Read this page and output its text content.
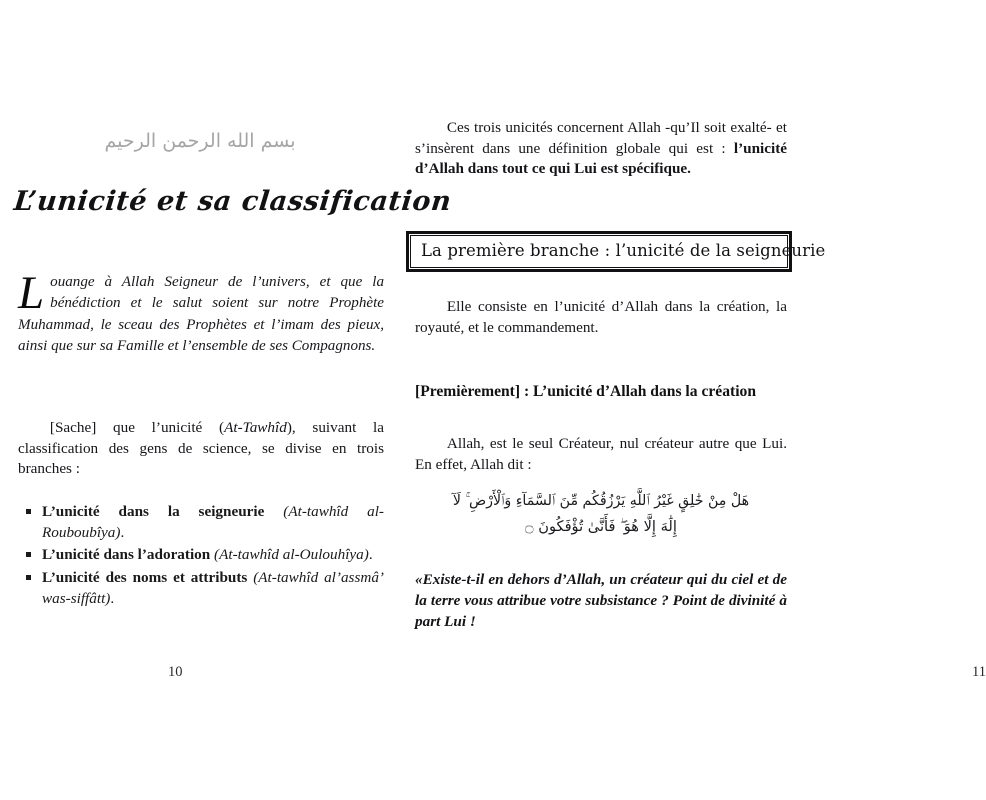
بسم الله الرحمن الرحيم
L’unicité et sa classification
Louange à Allah Seigneur de l’univers, et que la bénédiction et le salut soient sur notre Prophète Muhammad, le sceau des Prophètes et l’imam des pieux, ainsi que sur sa Famille et l’ensemble de ses Compagnons.
[Sache] que l’unicité (At-Tawhîd), suivant la classification des gens de science, se divise en trois branches :
L’unicité dans la seigneurie (At-tawhîd al-Rouboubîya).
L’unicité dans l’adoration (At-tawhîd al-Oulouhîya).
L’unicité des noms et attributs (At-tawhîd al’assmâ’ was-siffâtt).
10
Ces trois unicités concernent Allah -qu’Il soit exalté- et s’insèrent dans une définition globale qui est : l’unicité d’Allah dans tout ce qui Lui est spécifique.
La première branche : l’unicité de la seigneurie
Elle consiste en l’unicité d’Allah dans la création, la royauté, et le commandement.
[Premièrement] : L’unicité d’Allah dans la création
Allah, est le seul Créateur, nul créateur autre que Lui. En effet, Allah dit :
هَلْ مِنْ خَٰلِقٍ غَيْرُ ٱللَّهِ يَرْزُقُكُم مِّنَ ٱلسَّمَآءِ وَٱلْأَرْضِ ۚ لَآ
إِلَٰهَ إِلَّا هُوَ ۖ فَأَنَّىٰ تُؤْفَكُونَ ۝
«Existe-t-il en dehors d’Allah, un créateur qui du ciel et de la terre vous attribue votre subsistance ? Point de divinité à part Lui !
11
